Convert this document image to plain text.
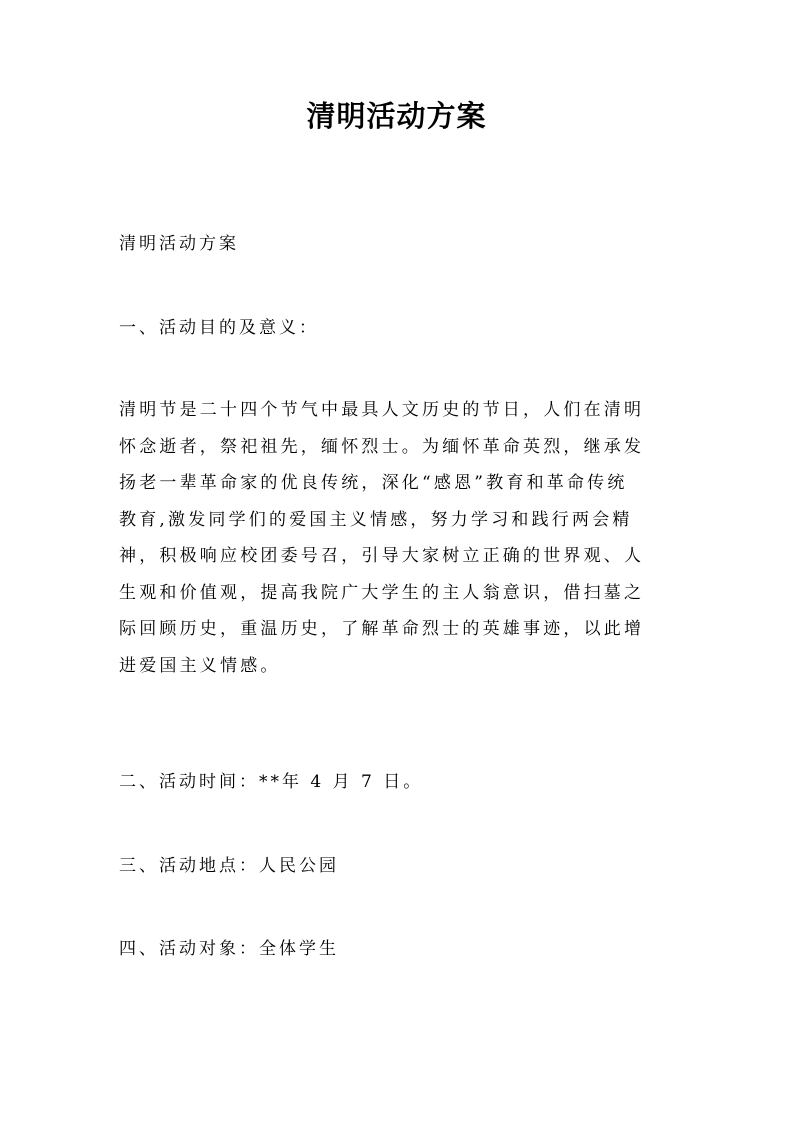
清明活动方案
清明活动方案
一、活动目的及意义：
清明节是二十四个节气中最具人文历史的节日，人们在清明
怀念逝者，祭祀祖先，缅怀烈士。为缅怀革命英烈，继承发
扬老一辈革命家的优良传统，深化“感恩”教育和革命传统
教育,激发同学们的爱国主义情感，努力学习和践行两会精
神，积极响应校团委号召，引导大家树立正确的世界观、人
生观和价值观，提高我院广大学生的主人翁意识，借扫墓之
际回顾历史，重温历史，了解革命烈士的英雄事迹，以此增
进爱国主义情感。
二、活动时间：**年 4 月 7 日。
三、活动地点：人民公园
四、活动对象：全体学生
